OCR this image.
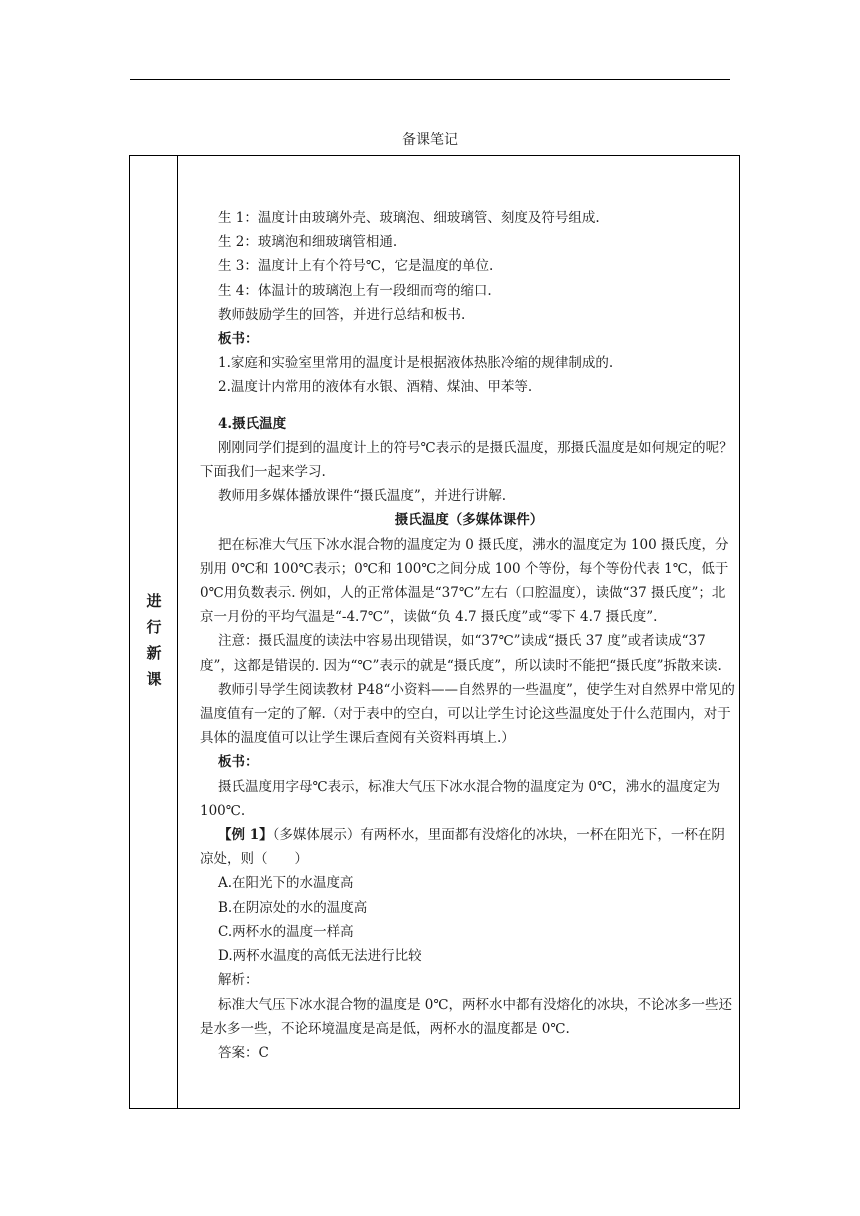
备课笔记
进
行
新
课

生 1：温度计由玻璃外壳、玻璃泡、细玻璃管、刻度及符号组成.

生 2：玻璃泡和细玻璃管相通.

生 3：温度计上有个符号℃，它是温度的单位.

生 4：体温计的玻璃泡上有一段细而弯的缩口.

教师鼓励学生的回答，并进行总结和板书.

板书：

1.家庭和实验室里常用的温度计是根据液体热胀冷缩的规律制成的.

2.温度计内常用的液体有水银、酒精、煤油、甲苯等.

4.摄氏温度

刚刚同学们提到的温度计上的符号℃表示的是摄氏温度，那摄氏温度是如何规定的呢？下面我们一起来学习.

教师用多媒体播放课件“摄氏温度”，并进行讲解.

摄氏温度（多媒体课件）

把在标准大气压下冰水混合物的温度定为 0 摄氏度，沸水的温度定为 100 摄氏度，分别用 0℃和 100℃表示；0℃和 100℃之间分成 100 个等份，每个等份代表 1℃，低于 0℃用负数表示. 例如，人的正常体温是“37℃”左右（口腔温度），读做“37 摄氏度”；北京一月份的平均气温是“-4.7℃”，读做“负 4.7 摄氏度”或“零下 4.7 摄氏度”.

注意：摄氏温度的读法中容易出现错误，如“37℃”读成“摄氏 37 度”或者读成“37 度”，这都是错误的. 因为“℃”表示的就是“摄氏度”，所以读时不能把“摄氏度”拆散来读.

教师引导学生阅读教材 P48“小资料——自然界的一些温度”，使学生对自然界中常见的温度值有一定的了解.（对于表中的空白，可以让学生讨论这些温度处于什么范围内，对于具体的温度值可以让学生课后查阅有关资料再填上.）

板书：

摄氏温度用字母℃表示，标准大气压下冰水混合物的温度定为 0℃，沸水的温度定为 100℃.

【例 1】（多媒体展示）有两杯水，里面都有没熔化的冰块，一杯在阳光下，一杯在阴凉处，则（　　）

A.在阳光下的水温度高

B.在阴凉处的水的温度高

C.两杯水的温度一样高

D.两杯水温度的高低无法进行比较

解析：

标准大气压下冰水混合物的温度是 0℃，两杯水中都有没熔化的冰块，不论冰多一些还是水多一些，不论环境温度是高是低，两杯水的温度都是 0℃.

答案：C
